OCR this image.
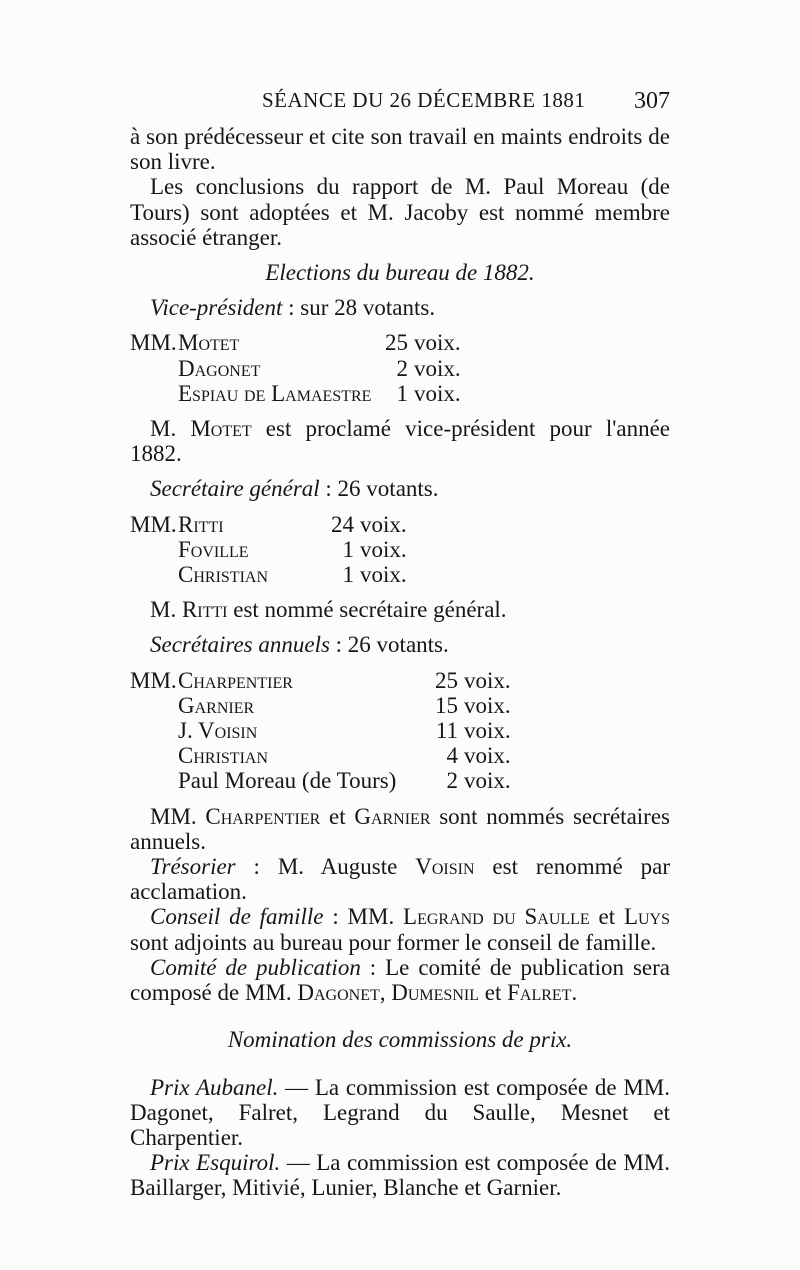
SÉANCE DU 26 DÉCEMBRE 1881 307

à son prédécesseur et cite son travail en maints endroits de son livre.

Les conclusions du rapport de M. Paul Moreau (de Tours) sont adoptées et M. Jacoby est nommé membre associé étranger.

Elections du bureau de 1882.

Vice-président : sur 28 votants.

MM. Motet	25 voix.
Dagonet	2 voix.
Espiau de Lamaestre	1 voix.

M. Motet est proclamé vice-président pour l'année 1882.

Secrétaire général : 26 votants.

MM. Ritti	24 voix.
Foville	1 voix.
Christian	1 voix.

M. Ritti est nommé secrétaire général.

Secrétaires annuels : 26 votants.

MM. Charpentier	25 voix.
Garnier	15 voix.
J. Voisin	11 voix.
Christian	4 voix.
Paul Moreau (de Tours)	2 voix.

MM. Charpentier et Garnier sont nommés secrétaires annuels.

Trésorier : M. Auguste Voisin est renommé par acclamation.

Conseil de famille : MM. Legrand du Saulle et Luys sont adjoints au bureau pour former le conseil de famille.

Comité de publication : Le comité de publication sera composé de MM. Dagonet, Dumesnil et Falret.

Nomination des commissions de prix.

Prix Aubanel. — La commission est composée de MM. Dagonet, Falret, Legrand du Saulle, Mesnet et Charpentier.

Prix Esquirol. — La commission est composée de MM. Baillarger, Mitivié, Lunier, Blanche et Garnier.
